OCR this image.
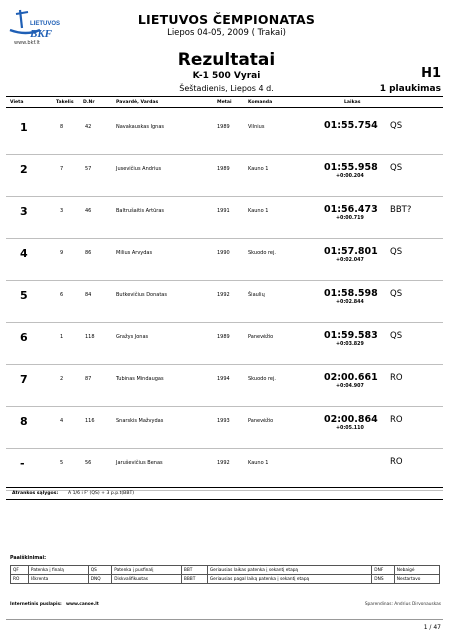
LIETUVOS
BKF
www.bkf.lt
LIETUVOS ČEMPIONATAS
Liepos 04-05, 2009 ( Trakai)
Rezultatai
K-1 500 Vyrai
Šeštadienis, Liepos 4 d.
H1
1 plaukimas
Vieta	Takelis D.Nr	Pavardė, Vardas	Metai	Komanda	Laikas
1	8	42	Navakauskas Ignas	1989	Vilnius	01:55.754 QS
2	7	57	Jusevičius Andrius	1989	Kauno 1	01:55.958
+0:00.204
QS
3	3	46	Baltrušaitis Artūras	1991	Kauno 1	01:56.473
+0:00.719
BBT?
4	9	86	Milius Arvydas	1990	Skuodo rej.	01:57.801
+0:02.047
QS
5	6	84	Butkevičius Donatas	1992	Šiaulių	01:58.598
+0:02.844
QS
6	1	118	Gražys Jonas	1989	Panevėžio	01:59.583
+0:03.829
QS
7	2	87	Tubinas Mindaugas	1994	Skuodo rej.	02:00.661
+0:04.907
RO
8	4	116	Snarskis Mažvydas	1993	Panevėžio	02:00.864
+0:05.110
RO
-	5	56	Jaruševičius Benas	1992	Kauno 1	RO
Atrankos sąlygos: A 1/6 i F' (QS) + 3 p.p.t(BBT)
Paaiškinimai:
QF	Patenka į finalą	QS	Patenka į pusfinalį	BBT	Geriausias laikas patenka į sekantį etapą	DNF	Nebaigė
RO	Iškrenta	DNQ	Diskvalifikuotas	BBBT	Geriausias pagal laiką patenka į sekantį etapą	DNS	Nestartavo
Internetinis puslapis: www.canoe.lt	Sparendinas: Andrius Dirvonauskas
1 / 47
